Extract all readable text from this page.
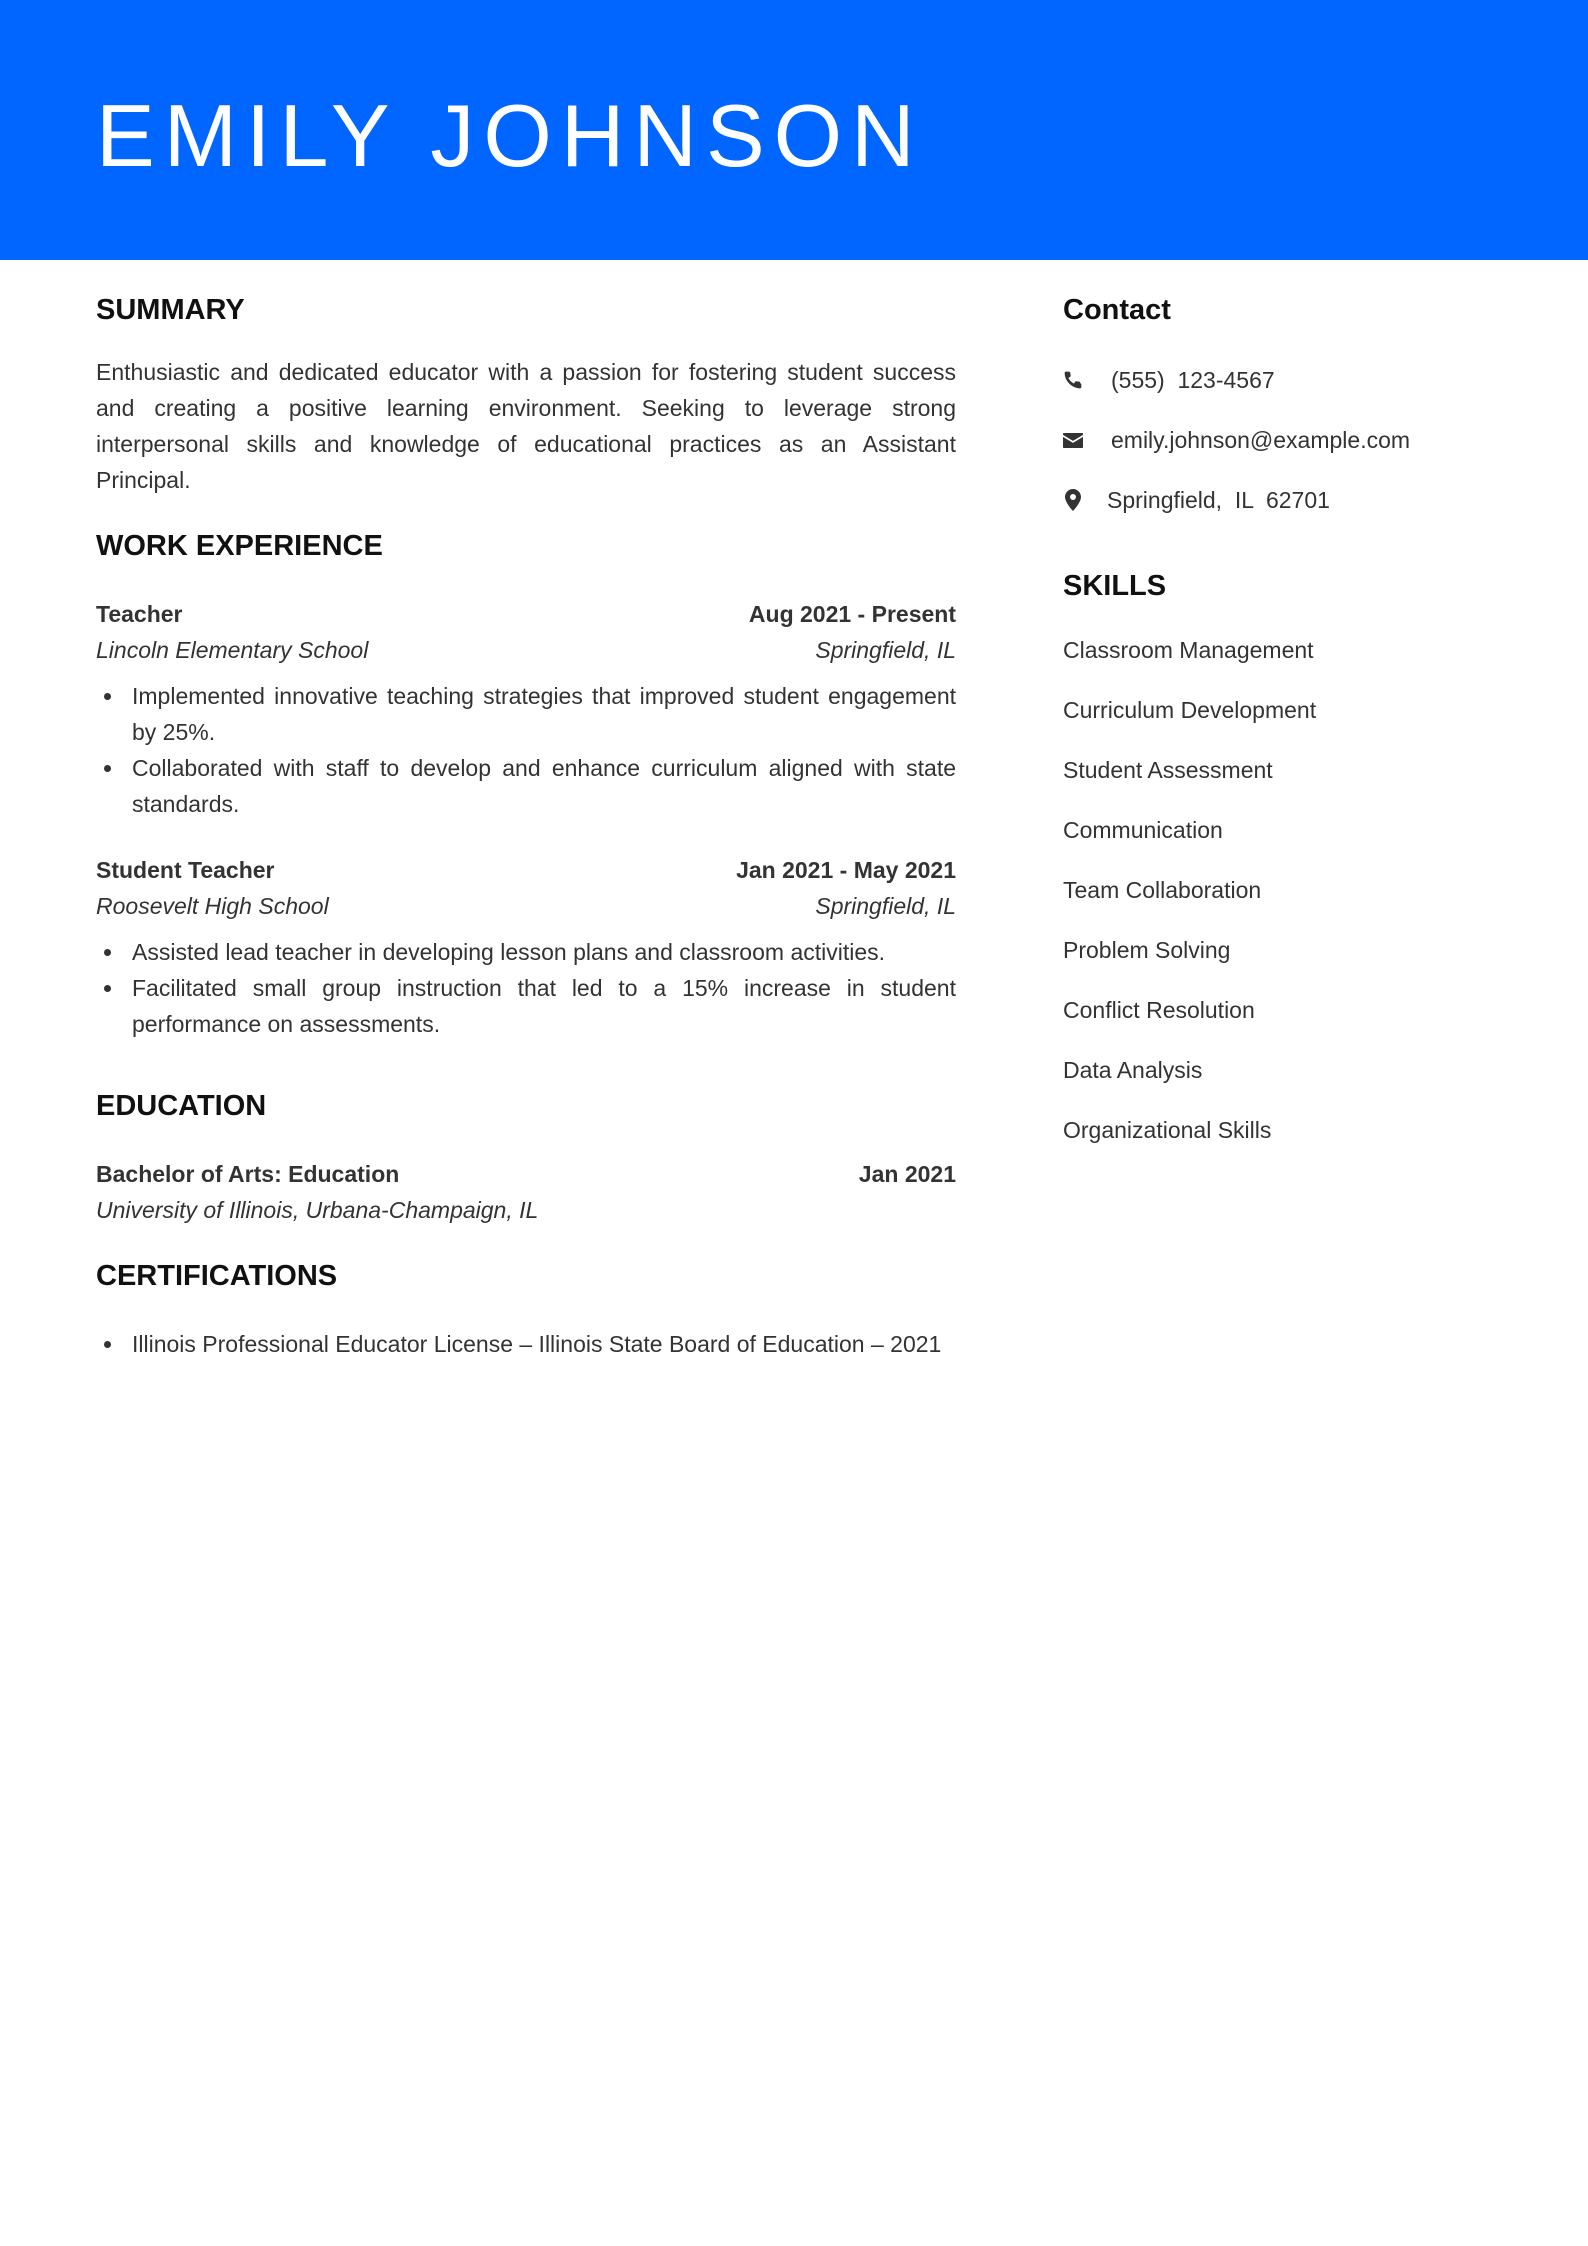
EMILY JOHNSON
SUMMARY

Enthusiastic and dedicated educator with a passion for fostering student success and creating a positive learning environment. Seeking to leverage strong interpersonal skills and knowledge of educational practices as an Assistant Principal.

WORK EXPERIENCE
Teacher	Aug 2021 - Present
Lincoln Elementary School	Springfield, IL
Implemented innovative teaching strategies that improved student engagement by 25%.
Collaborated with staff to develop and enhance curriculum aligned with state standards.
Student Teacher	Jan 2021 - May 2021
Roosevelt High School	Springfield, IL
Assisted lead teacher in developing lesson plans and classroom activities.
Facilitated small group instruction that led to a 15% increase in student performance on assessments.
EDUCATION
Bachelor of Arts: Education	Jan 2021
University of Illinois, Urbana-Champaign, IL
CERTIFICATIONS
Illinois Professional Educator License – Illinois State Board of Education – 2021
Contact
(555)  123-4567
emily.johnson@example.com
Springfield,  IL  62701
SKILLS
Classroom Management
Curriculum Development
Student Assessment
Communication
Team Collaboration
Problem Solving
Conflict Resolution
Data Analysis
Organizational Skills
